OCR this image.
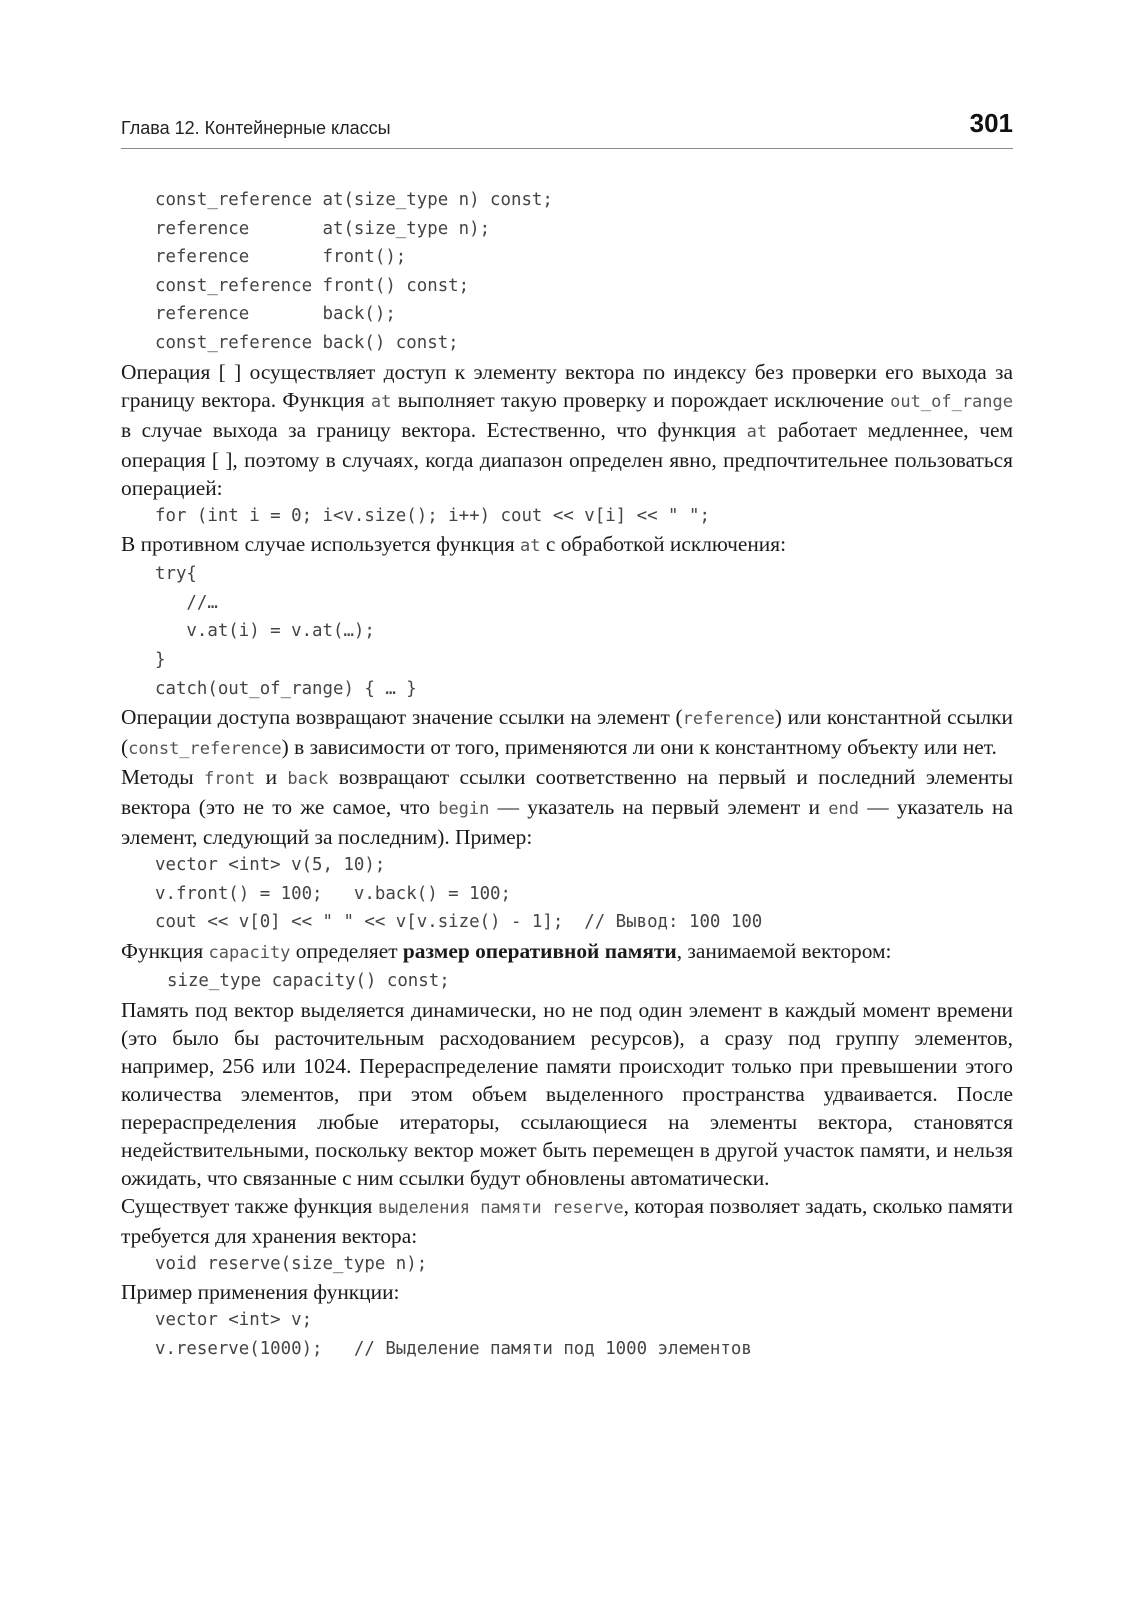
Глава 12. Контейнерные классы	301
const_reference at(size_type n) const;
reference       at(size_type n);
reference       front();
const_reference front() const;
reference       back();
const_reference back() const;

Операция [ ] осуществляет доступ к элементу вектора по индексу без проверки его выхода за границу вектора. Функция at выполняет такую проверку и порождает исключение out_of_range в случае выхода за границу вектора. Естественно, что функция at работает медленнее, чем операция [ ], поэтому в случаях, когда диапазон определен явно, предпочтительнее пользоваться операцией:

for (int i = 0; i<v.size(); i++) cout << v[i] << " ";

В противном случае используется функция at с обработкой исключения:

try{
//…
v.at(i) = v.at(…);
}
catch(out_of_range) { … }

Операции доступа возвращают значение ссылки на элемент (reference) или константной ссылки (const_reference) в зависимости от того, применяются ли они к константному объекту или нет.

Методы front и back возвращают ссылки соответственно на первый и последний элементы вектора (это не то же самое, что begin — указатель на первый элемент и end — указатель на элемент, следующий за последним). Пример:

vector <int> v(5, 10);
v.front() = 100;   v.back() = 100;
cout << v[0] << " " << v[v.size() - 1];  // Вывод: 100 100

Функция capacity определяет размер оперативной памяти, занимаемой вектором:

size_type capacity() const;

Память под вектор выделяется динамически, но не под один элемент в каждый момент времени (это было бы расточительным расходованием ресурсов), а сразу под группу элементов, например, 256 или 1024. Перераспределение памяти происходит только при превышении этого количества элементов, при этом объем выделенного пространства удваивается. После перераспределения любые итераторы, ссылающиеся на элементы вектора, становятся недействительными, поскольку вектор может быть перемещен в другой участок памяти, и нельзя ожидать, что связанные с ним ссылки будут обновлены автоматически.

Существует также функция выделения памяти reserve, которая позволяет задать, сколько памяти требуется для хранения вектора:

void reserve(size_type n);

Пример применения функции:

vector <int> v;
v.reserve(1000);   // Выделение памяти под 1000 элементов
